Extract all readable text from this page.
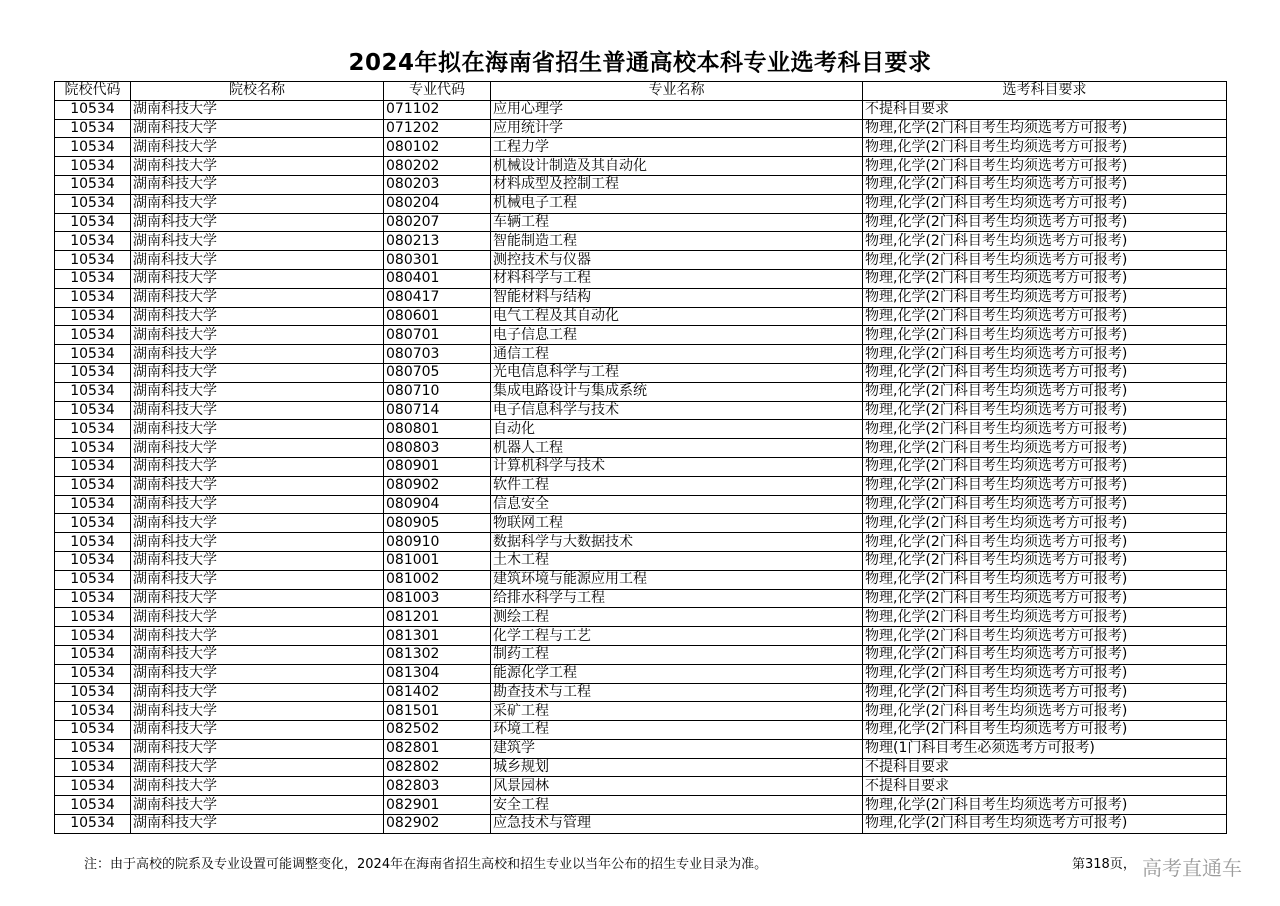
2024年拟在海南省招生普通高校本科专业选考科目要求
院校代码	院校名称	专业代码	专业名称	选考科目要求
10534	湖南科技大学	071102	应用心理学	不提科目要求
10534	湖南科技大学	071202	应用统计学	物理,化学(2门科目考生均须选考方可报考)
10534	湖南科技大学	080102	工程力学	物理,化学(2门科目考生均须选考方可报考)
10534	湖南科技大学	080202	机械设计制造及其自动化	物理,化学(2门科目考生均须选考方可报考)
10534	湖南科技大学	080203	材料成型及控制工程	物理,化学(2门科目考生均须选考方可报考)
10534	湖南科技大学	080204	机械电子工程	物理,化学(2门科目考生均须选考方可报考)
10534	湖南科技大学	080207	车辆工程	物理,化学(2门科目考生均须选考方可报考)
10534	湖南科技大学	080213	智能制造工程	物理,化学(2门科目考生均须选考方可报考)
10534	湖南科技大学	080301	测控技术与仪器	物理,化学(2门科目考生均须选考方可报考)
10534	湖南科技大学	080401	材料科学与工程	物理,化学(2门科目考生均须选考方可报考)
10534	湖南科技大学	080417	智能材料与结构	物理,化学(2门科目考生均须选考方可报考)
10534	湖南科技大学	080601	电气工程及其自动化	物理,化学(2门科目考生均须选考方可报考)
10534	湖南科技大学	080701	电子信息工程	物理,化学(2门科目考生均须选考方可报考)
10534	湖南科技大学	080703	通信工程	物理,化学(2门科目考生均须选考方可报考)
10534	湖南科技大学	080705	光电信息科学与工程	物理,化学(2门科目考生均须选考方可报考)
10534	湖南科技大学	080710	集成电路设计与集成系统	物理,化学(2门科目考生均须选考方可报考)
10534	湖南科技大学	080714	电子信息科学与技术	物理,化学(2门科目考生均须选考方可报考)
10534	湖南科技大学	080801	自动化	物理,化学(2门科目考生均须选考方可报考)
10534	湖南科技大学	080803	机器人工程	物理,化学(2门科目考生均须选考方可报考)
10534	湖南科技大学	080901	计算机科学与技术	物理,化学(2门科目考生均须选考方可报考)
10534	湖南科技大学	080902	软件工程	物理,化学(2门科目考生均须选考方可报考)
10534	湖南科技大学	080904	信息安全	物理,化学(2门科目考生均须选考方可报考)
10534	湖南科技大学	080905	物联网工程	物理,化学(2门科目考生均须选考方可报考)
10534	湖南科技大学	080910	数据科学与大数据技术	物理,化学(2门科目考生均须选考方可报考)
10534	湖南科技大学	081001	土木工程	物理,化学(2门科目考生均须选考方可报考)
10534	湖南科技大学	081002	建筑环境与能源应用工程	物理,化学(2门科目考生均须选考方可报考)
10534	湖南科技大学	081003	给排水科学与工程	物理,化学(2门科目考生均须选考方可报考)
10534	湖南科技大学	081201	测绘工程	物理,化学(2门科目考生均须选考方可报考)
10534	湖南科技大学	081301	化学工程与工艺	物理,化学(2门科目考生均须选考方可报考)
10534	湖南科技大学	081302	制药工程	物理,化学(2门科目考生均须选考方可报考)
10534	湖南科技大学	081304	能源化学工程	物理,化学(2门科目考生均须选考方可报考)
10534	湖南科技大学	081402	勘查技术与工程	物理,化学(2门科目考生均须选考方可报考)
10534	湖南科技大学	081501	采矿工程	物理,化学(2门科目考生均须选考方可报考)
10534	湖南科技大学	082502	环境工程	物理,化学(2门科目考生均须选考方可报考)
10534	湖南科技大学	082801	建筑学	物理(1门科目考生必须选考方可报考)
10534	湖南科技大学	082802	城乡规划	不提科目要求
10534	湖南科技大学	082803	风景园林	不提科目要求
10534	湖南科技大学	082901	安全工程	物理,化学(2门科目考生均须选考方可报考)
10534	湖南科技大学	082902	应急技术与管理	物理,化学(2门科目考生均须选考方可报考)
注：由于高校的院系及专业设置可能调整变化，2024年在海南省招生高校和招生专业以当年公布的招生专业目录为准。	第318页， 高考直通车
